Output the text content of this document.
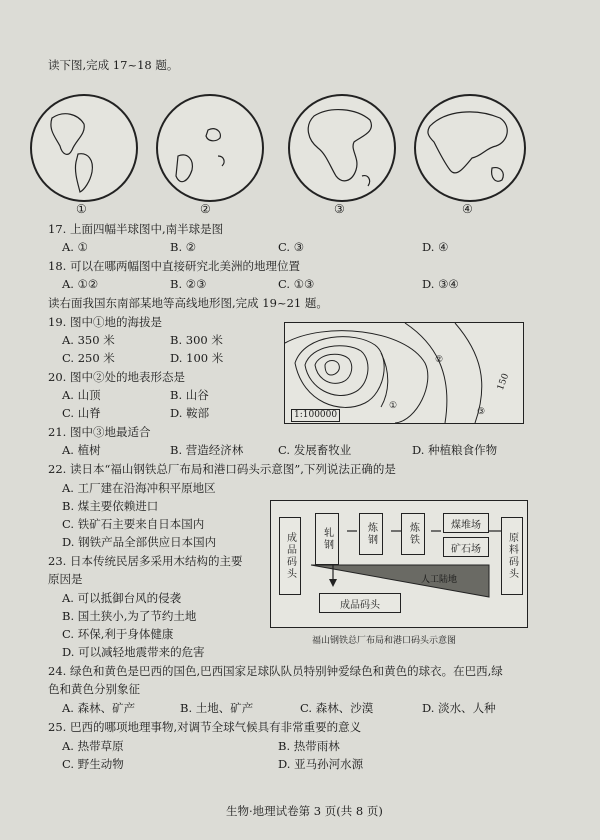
读下图,完成 17~18 题。
①	②	③	④
17. 上面四幅半球图中,南半球是图
A. ①	B. ②	C. ③	D. ④
18. 可以在哪两幅图中直接研究北美洲的地理位置
A. ①②	B. ②③	C. ①③	D. ③④
读右面我国东南部某地等高线地形图,完成 19~21 题。
19. 图中①地的海拔是
A. 350 米	B. 300 米
C. 250 米	D. 100 米
20. 图中②处的地表形态是
A. 山顶	B. 山谷
C. 山脊	D. 鞍部	1:100000
①
②
③
150
21. 图中③地最适合
A. 植树	B. 营造经济林	C. 发展畜牧业	D. 种植粮食作物
22. 读日本“福山钢铁总厂布局和港口码头示意图”,下列说法正确的是
A. 工厂建在沿海冲积平原地区
B. 煤主要依赖进口
C. 铁矿石主要来自日本国内
D. 钢铁产品全部供应日本国内
23. 日本传统民居多采用木结构的主要
原因是
A. 可以抵御台风的侵袭
B. 国土狭小,为了节约土地
C. 环保,利于身体健康
D. 可以减轻地震带来的危害
成品码头	轧钢	炼钢	炼铁	煤堆场
矿石场	原料码头
成品码头
人工陆地
福山钢铁总厂布局和港口码头示意图
24. 绿色和黄色是巴西的国色,巴西国家足球队队员特别钟爱绿色和黄色的球衣。在巴西,绿
色和黄色分别象征
A. 森林、矿产	B. 土地、矿产	C. 森林、沙漠	D. 淡水、人种
25. 巴西的哪项地理事物,对调节全球气候具有非常重要的意义
A. 热带草原	B. 热带雨林
C. 野生动物	D. 亚马孙河水源
生物·地理试卷第 3 页(共 8 页)
